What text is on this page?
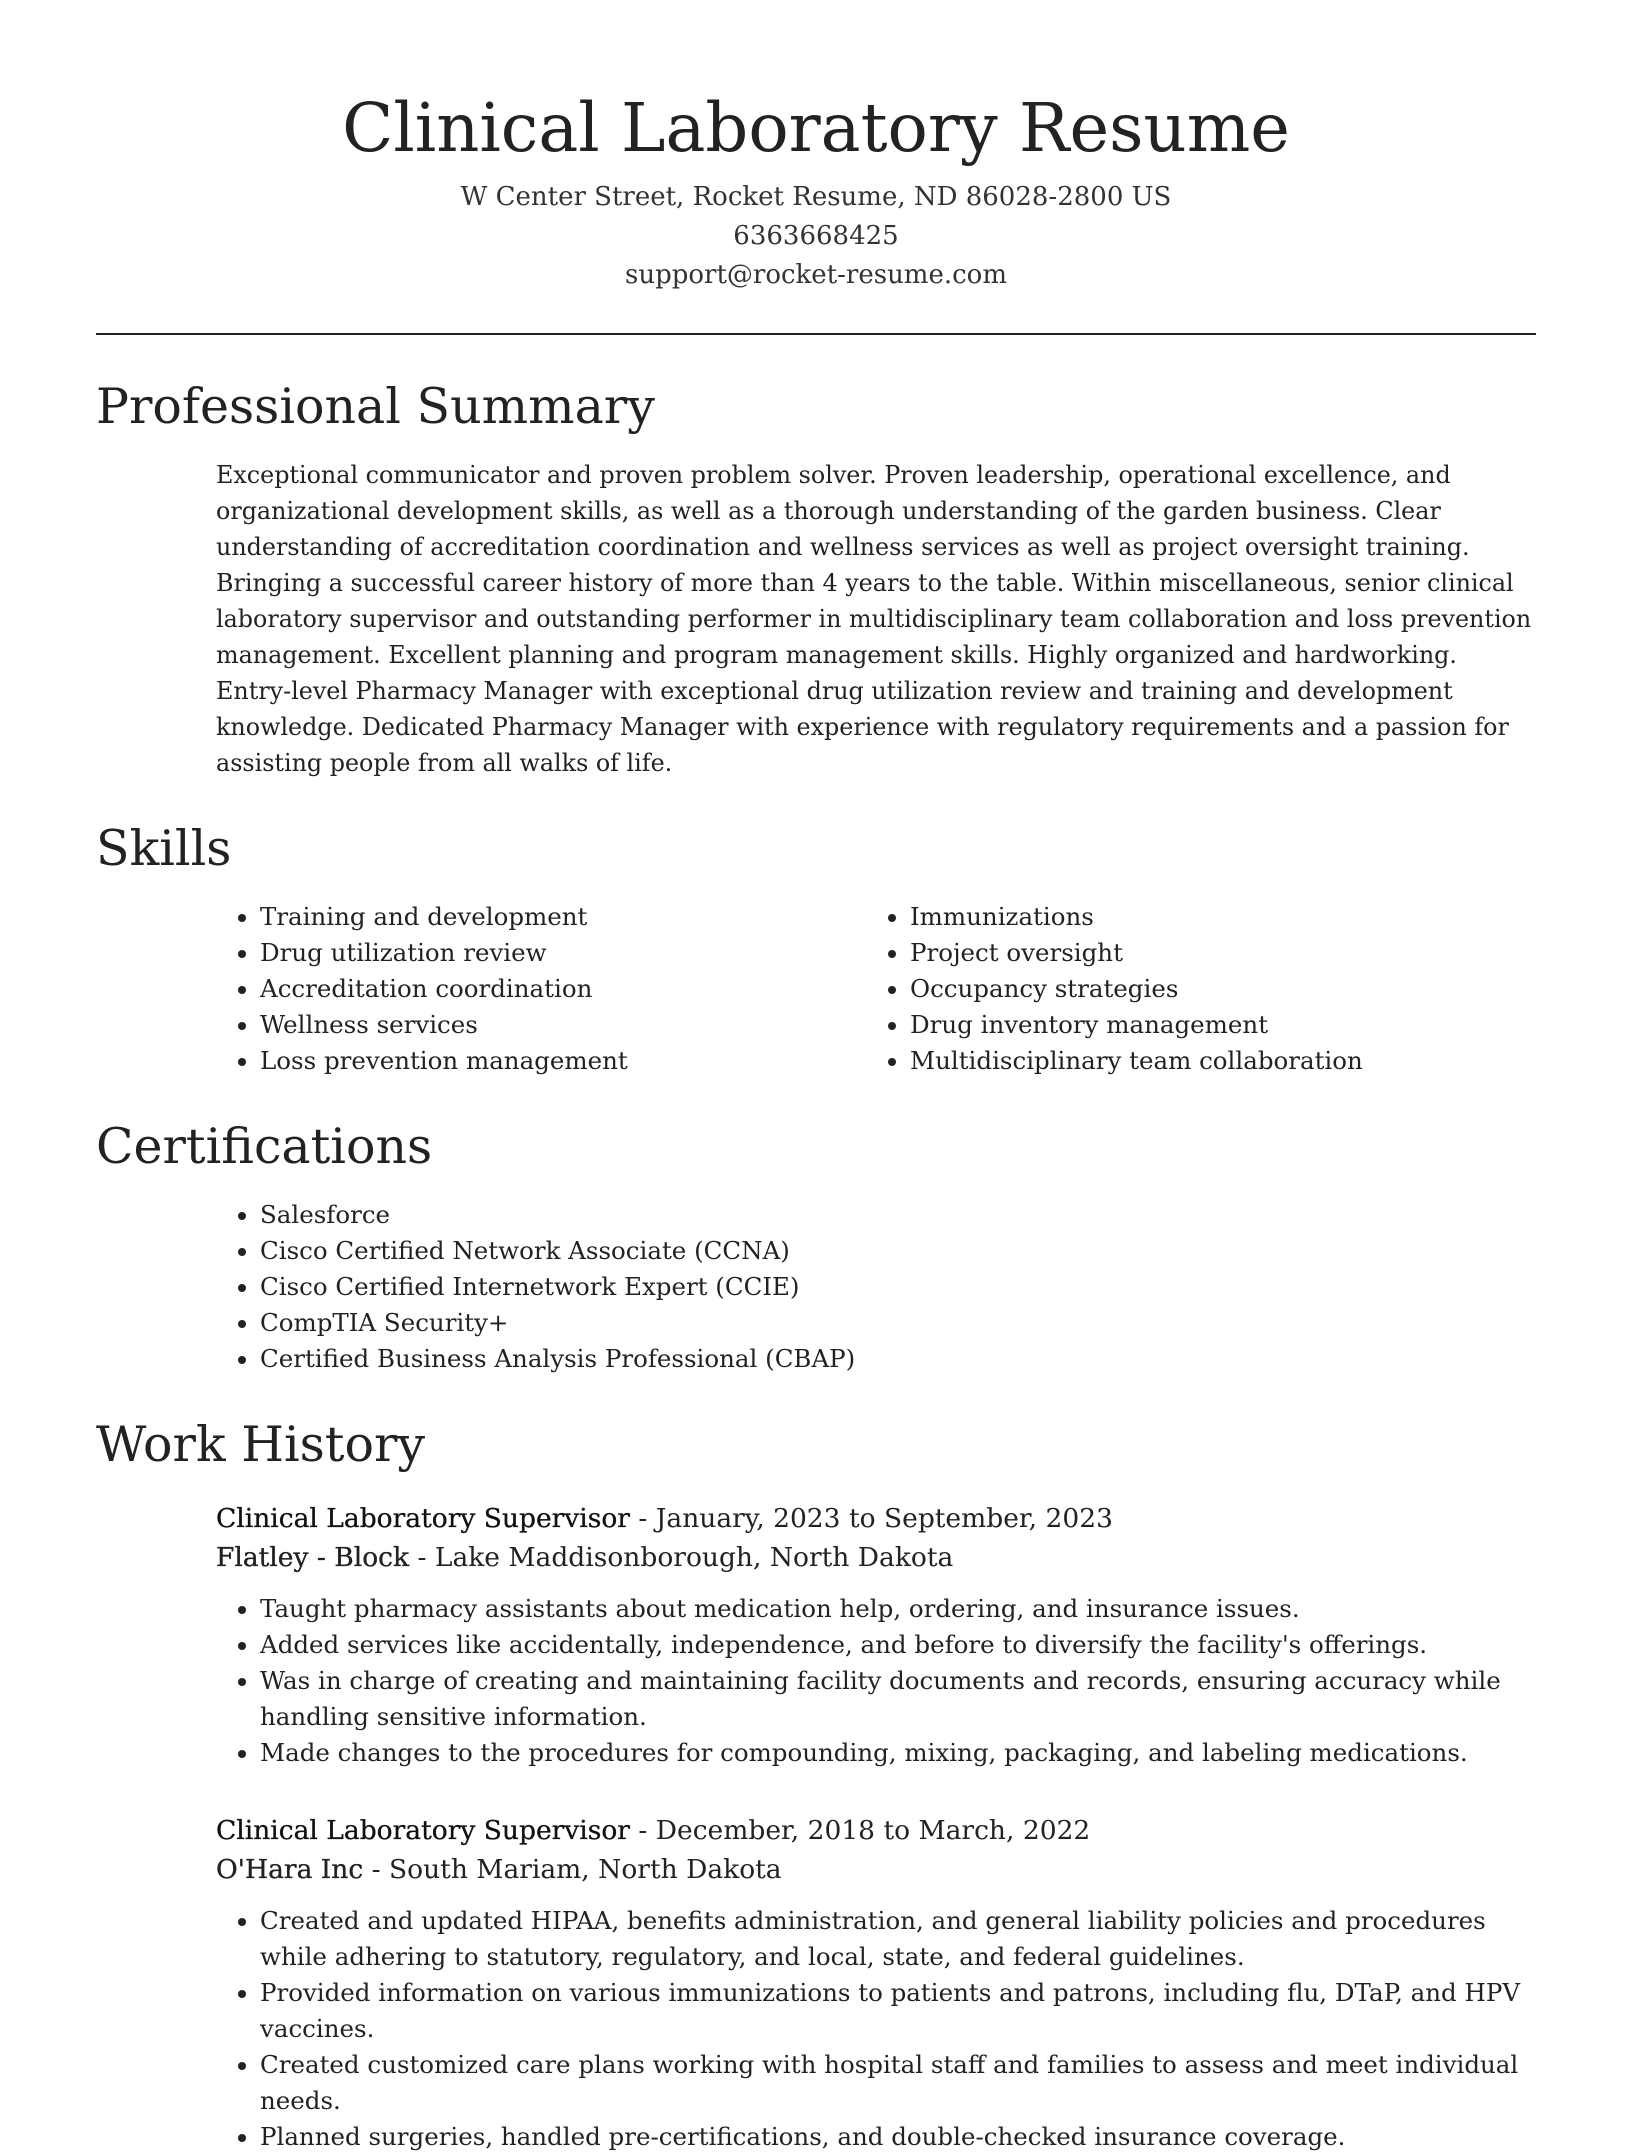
Clinical Laboratory Resume
W Center Street, Rocket Resume, ND 86028-2800 US
6363668425
support@rocket-resume.com
Professional Summary
Exceptional communicator and proven problem solver. Proven leadership, operational excellence, and organizational development skills, as well as a thorough understanding of the garden business. Clear understanding of accreditation coordination and wellness services as well as project oversight training. Bringing a successful career history of more than 4 years to the table. Within miscellaneous, senior clinical laboratory supervisor and outstanding performer in multidisciplinary team collaboration and loss prevention management. Excellent planning and program management skills. Highly organized and hardworking. Entry-level Pharmacy Manager with exceptional drug utilization review and training and development knowledge. Dedicated Pharmacy Manager with experience with regulatory requirements and a passion for assisting people from all walks of life.
Skills
• Training and development
• Drug utilization review
• Accreditation coordination
• Wellness services
• Loss prevention management
• Immunizations
• Project oversight
• Occupancy strategies
• Drug inventory management
• Multidisciplinary team collaboration
Certifications
• Salesforce
• Cisco Certified Network Associate (CCNA)
• Cisco Certified Internetwork Expert (CCIE)
• CompTIA Security+
• Certified Business Analysis Professional (CBAP)
Work History
Clinical Laboratory Supervisor - January, 2023 to September, 2023
Flatley - Block - Lake Maddisonborough, North Dakota
• Taught pharmacy assistants about medication help, ordering, and insurance issues.
• Added services like accidentally, independence, and before to diversify the facility's offerings.
• Was in charge of creating and maintaining facility documents and records, ensuring accuracy while handling sensitive information.
• Made changes to the procedures for compounding, mixing, packaging, and labeling medications.
Clinical Laboratory Supervisor - December, 2018 to March, 2022
O'Hara Inc - South Mariam, North Dakota
• Created and updated HIPAA, benefits administration, and general liability policies and procedures while adhering to statutory, regulatory, and local, state, and federal guidelines.
• Provided information on various immunizations to patients and patrons, including flu, DTaP, and HPV vaccines.
• Created customized care plans working with hospital staff and families to assess and meet individual needs.
• Planned surgeries, handled pre-certifications, and double-checked insurance coverage.
